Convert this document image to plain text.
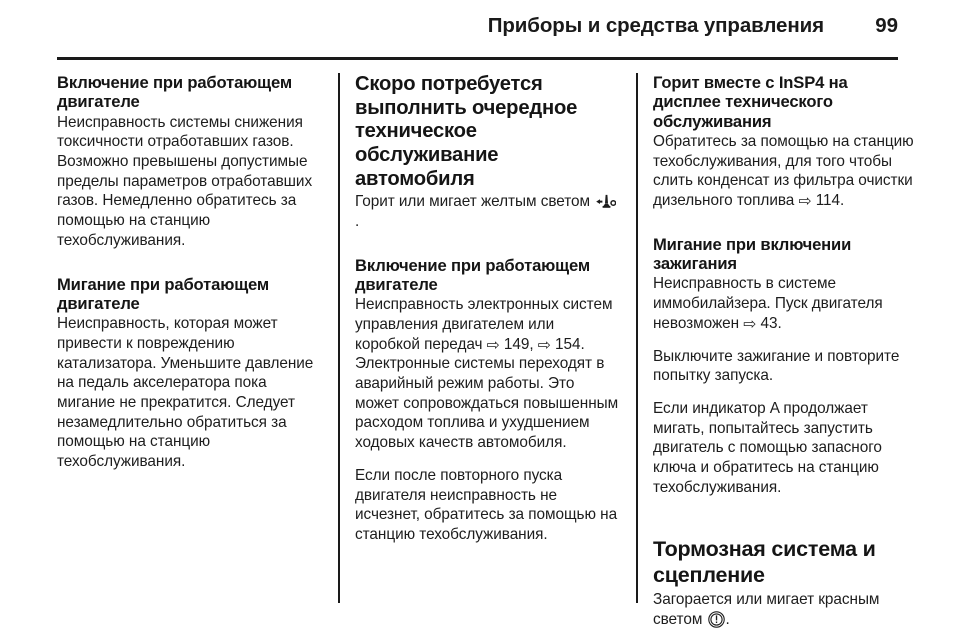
Приборы и средства управления	99
Включение при работающем двигателе

Неисправность системы снижения токсичности отработавших газов. Возможно превышены допустимые пределы параметров отработавших газов. Немедленно обратитесь за помощью на станцию техобслуживания.

Мигание при работающем двигателе

Неисправность, которая может привести к повреждению катализатора. Уменьшите давление на педаль акселератора пока мигание не прекратится. Следует незамедлительно обратиться за помощью на станцию техобслуживания.

Скоро потребуется выполнить очередное техническое обслуживание автомобиля

Горит или мигает желтым светом .

Включение при работающем двигателе

Неисправность электронных систем управления двигателем или коробкой передач ⇨ 149, ⇨ 154. Электронные системы переходят в аварийный режим работы. Это может сопровождаться повышенным расходом топлива и ухудшением ходовых качеств автомобиля.

Если после повторного пуска двигателя неисправность не исчезнет, обратитесь за помощью на станцию техобслуживания.

Горит вместе с InSP4 на дисплее технического обслуживания

Обратитесь за помощью на станцию техобслуживания, для того чтобы слить конденсат из фильтра очистки дизельного топлива ⇨ 114.

Мигание при включении зажигания

Неисправность в системе иммобилайзера. Пуск двигателя невозможен ⇨ 43.

Выключите зажигание и повторите попытку запуска.

Если индикатор A продолжает мигать, попытайтесь запустить двигатель с помощью запасного ключа и обратитесь на станцию техобслуживания.

Тормозная система и сцепление

Загорается или мигает красным светом .
